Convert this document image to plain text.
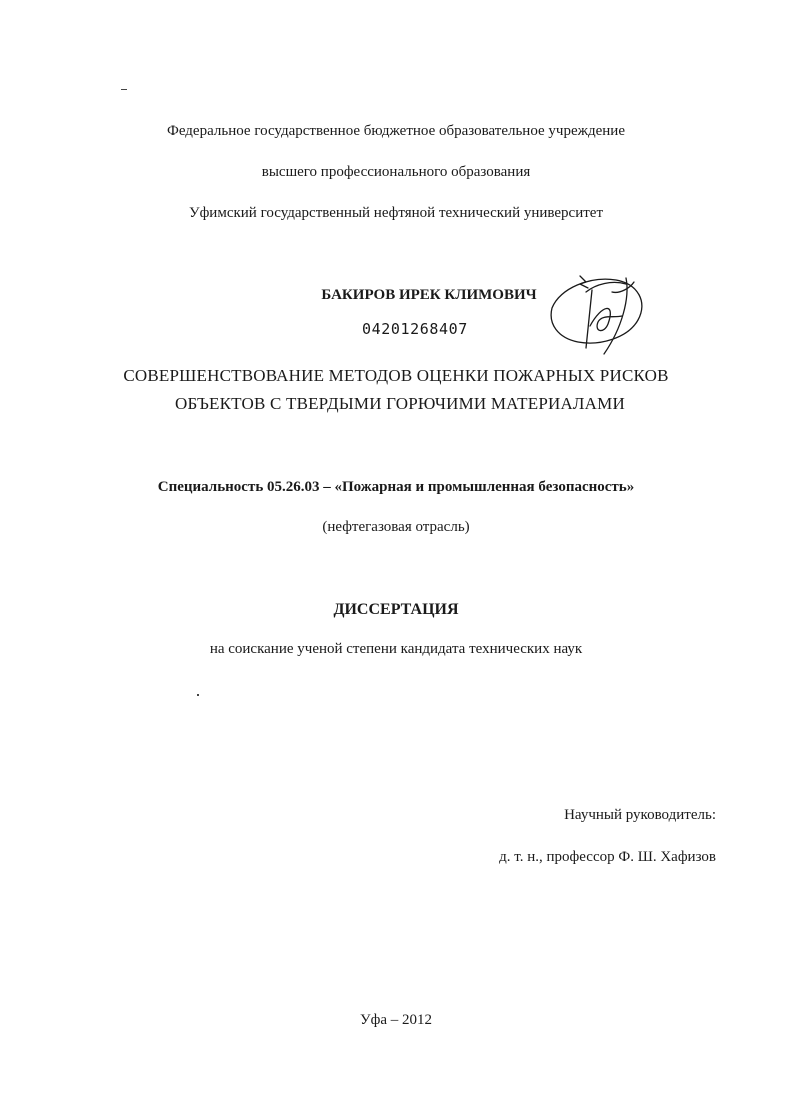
Федеральное государственное бюджетное образовательное учреждение
высшего профессионального образования
Уфимский государственный нефтяной технический университет
БАКИРОВ ИРЕК КЛИМОВИЧ
04201268407
СОВЕРШЕНСТВОВАНИЕ МЕТОДОВ ОЦЕНКИ ПОЖАРНЫХ РИСКОВ
ОБЪЕКТОВ С ТВЕРДЫМИ ГОРЮЧИМИ МАТЕРИАЛАМИ
Специальность 05.26.03 – «Пожарная и промышленная безопасность»
(нефтегазовая отрасль)
ДИССЕРТАЦИЯ
на соискание ученой степени кандидата технических наук
Научный руководитель:
д. т. н., профессор Ф. Ш. Хафизов
Уфа – 2012
